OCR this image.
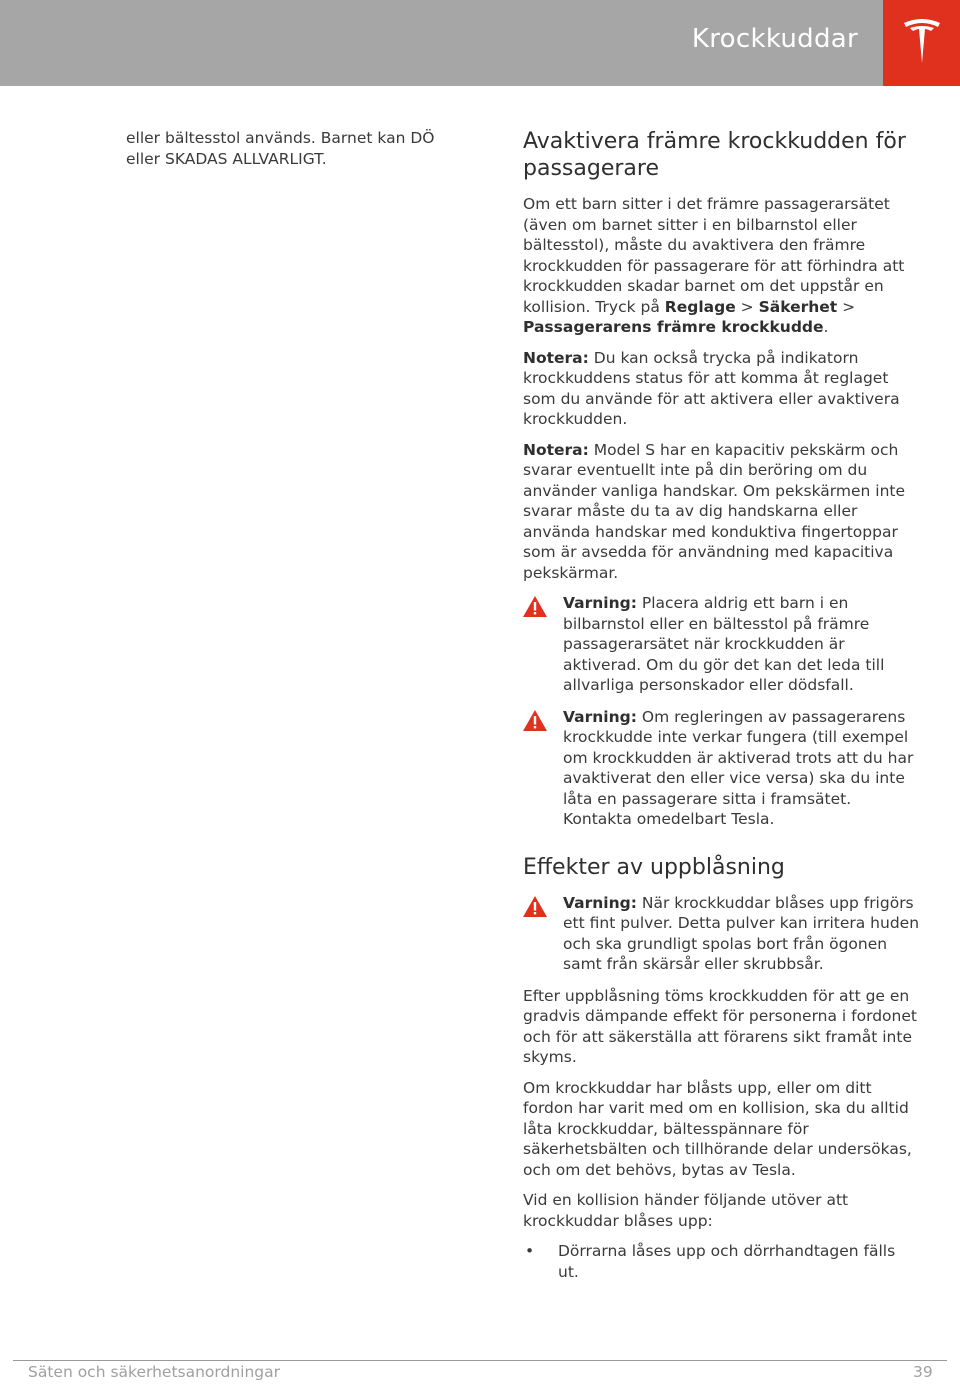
Krockkuddar

eller bältesstol används. Barnet kan DÖ eller SKADAS ALLVARLIGT.

Avaktivera främre krockkudden för passagerare

Om ett barn sitter i det främre passagerarsätet (även om barnet sitter i en bilbarnstol eller bältesstol), måste du avaktivera den främre krockkudden för passagerare för att förhindra att krockkudden skadar barnet om det uppstår en kollision. Tryck på Reglage > Säkerhet > Passagerarens främre krockkudde.

Notera: Du kan också trycka på indikatorn krockkuddens status för att komma åt reglaget som du använde för att aktivera eller avaktivera krockkudden.

Notera: Model S har en kapacitiv pekskärm och svarar eventuellt inte på din beröring om du använder vanliga handskar. Om pekskärmen inte svarar måste du ta av dig handskarna eller använda handskar med konduktiva fingertoppar som är avsedda för användning med kapacitiva pekskärmar.

Varning: Placera aldrig ett barn i en bilbarnstol eller en bältesstol på främre passagerarsätet när krockkudden är aktiverad. Om du gör det kan det leda till allvarliga personskador eller dödsfall.
Varning: Om regleringen av passagerarens krockkudde inte verkar fungera (till exempel om krockkudden är aktiverad trots att du har avaktiverat den eller vice versa) ska du inte låta en passagerare sitta i framsätet. Kontakta omedelbart Tesla.
Effekter av uppblåsning
Varning: När krockkuddar blåses upp frigörs ett fint pulver. Detta pulver kan irritera huden och ska grundligt spolas bort från ögonen samt från skärsår eller skrubbsår.

Efter uppblåsning töms krockkudden för att ge en gradvis dämpande effekt för personerna i fordonet och för att säkerställa att förarens sikt framåt inte skyms.

Om krockkuddar har blåsts upp, eller om ditt fordon har varit med om en kollision, ska du alltid låta krockkuddar, bältesspännare för säkerhetsbälten och tillhörande delar undersökas, och om det behövs, bytas av Tesla.

Vid en kollision händer följande utöver att krockkuddar blåses upp:

• Dörrarna låses upp och dörrhandtagen fälls ut.
Säten och säkerhetsanordningar	39
